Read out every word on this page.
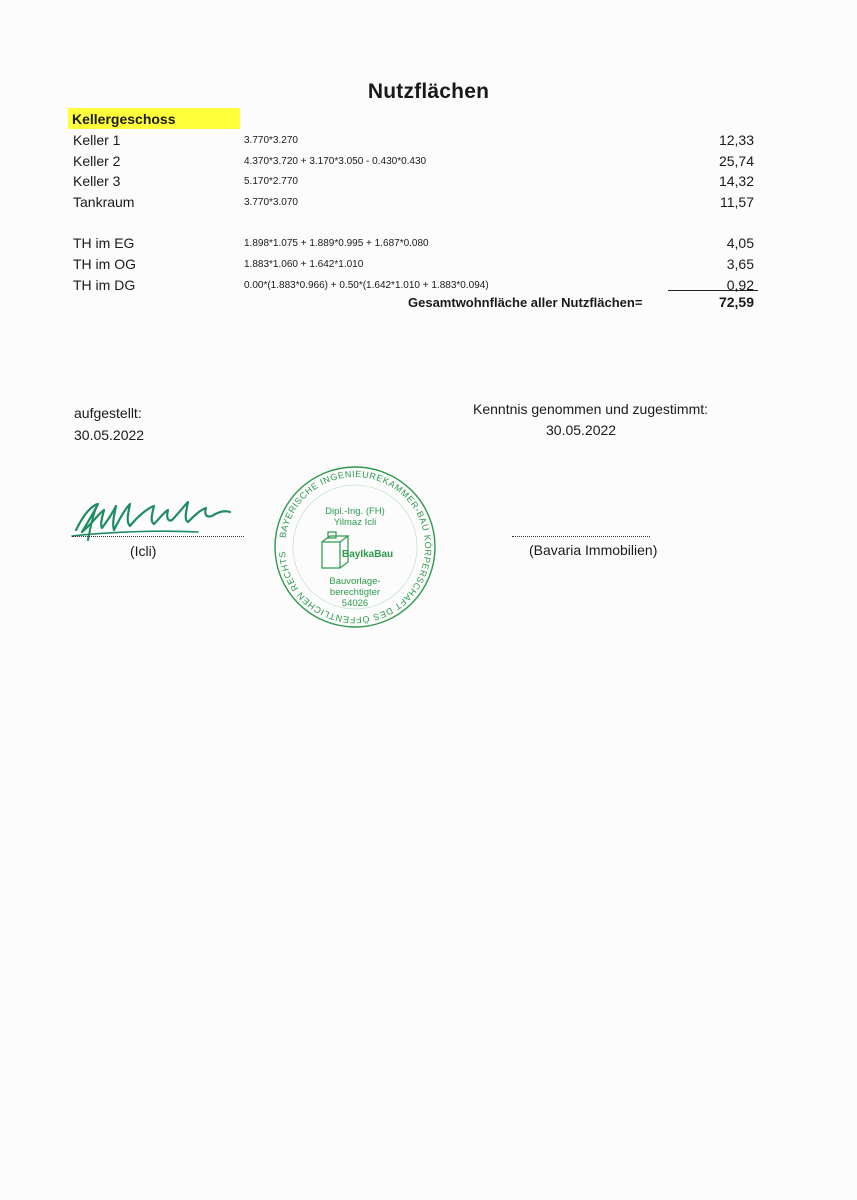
Nutzflächen
Kellergeschoss
Keller 1	3.770*3.270	12,33
Keller 2	4.370*3.720 + 3.170*3.050 - 0.430*0.430	25,74
Keller 3	5.170*2.770	14,32
Tankraum	3.770*3.070	11,57
TH im EG	1.898*1.075 + 1.889*0.995 + 1.687*0.080	4,05
TH im OG	1.883*1.060 + 1.642*1.010	3,65
TH im DG	0.00*(1.883*0.966) + 0.50*(1.642*1.010 + 1.883*0.094)	0,92
Gesamtwohnfläche aller Nutzflächen=	72,59
aufgestellt:
30.05.2022
Kenntnis genommen und zugestimmt:
30.05.2022
(Icli)	(Bavaria Immobilien)
BAYERISCHE INGENIEUREKAMMER-BAU KÖRPERSCHAFT DES ÖFFENTLICHEN RECHTS
Dipl.-Ing. (FH)
Yilmaz Icli
BayIkaBau
Bauvorlage-
berechtigter
54026
